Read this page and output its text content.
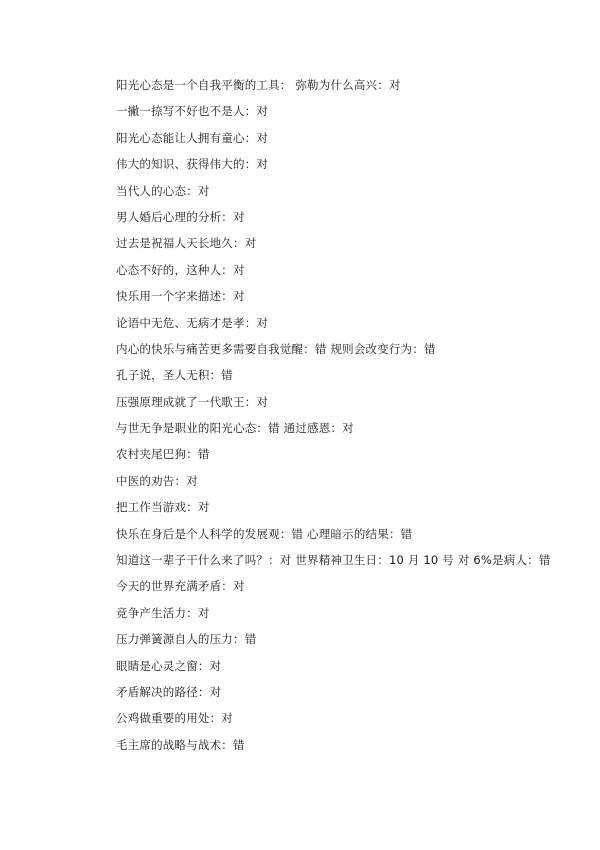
阳光心态是一个自我平衡的工具： 弥勒为什么高兴：对
一撇一捺写不好也不是人：对
阳光心态能让人拥有童心：对
伟大的知识、获得伟大的：对
当代人的心态：对
男人婚后心理的分析：对
过去是祝福人天长地久：对
心态不好的，这种人：对
快乐用一个字来描述：对
论语中无危、无病才是孝：对
内心的快乐与痛苦更多需要自我觉醒：错 规则会改变行为：错
孔子说，圣人无积：错
压强原理成就了一代歌王：对
与世无争是职业的阳光心态：错 通过感恩：对
农村夹尾巴狗：错
中医的劝告：对
把工作当游戏：对
快乐在身后是个人科学的发展观：错 心理暗示的结果：错
知道这一辈子干什么来了吗？：对 世界精神卫生日：10 月 10 号 对 6%是病人：错
今天的世界充满矛盾：对
竞争产生活力：对
压力弹簧源自人的压力：错
眼睛是心灵之窗：对
矛盾解决的路径：对
公鸡做重要的用处：对
毛主席的战略与战术：错
